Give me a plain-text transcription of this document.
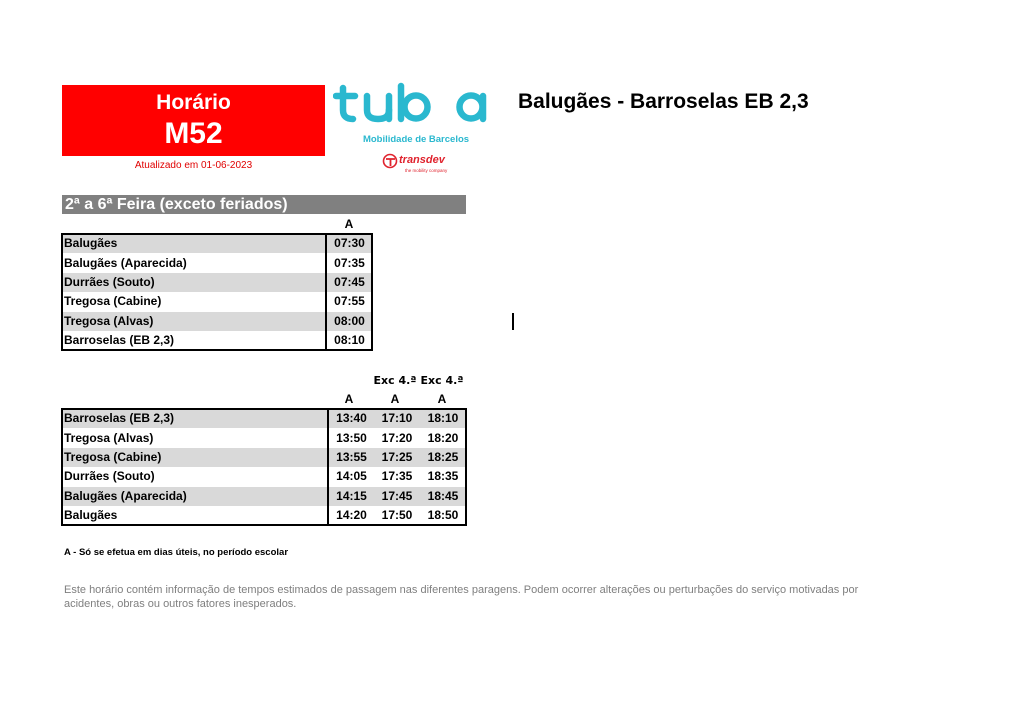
Horário
M52
Atualizado em 01-06-2023
Mobilidade de Barcelos
transdev
the mobility company
Balugães - Barroselas EB 2,3
2ª a 6ª Feira (exceto feriados)
A
Balugães	07:30
Balugães (Aparecida)	07:35
Durrães (Souto)	07:45
Tregosa (Cabine)	07:55
Tregosa (Alvas)	08:00
Barroselas (EB 2,3)	08:10
Exc 4.ª Exc 4.ª
A	A	A
Barroselas (EB 2,3)	13:40	17:10	18:10
Tregosa (Alvas)	13:50	17:20	18:20
Tregosa (Cabine)	13:55	17:25	18:25
Durrães (Souto)	14:05	17:35	18:35
Balugães (Aparecida)	14:15	17:45	18:45
Balugães	14:20	17:50	18:50
A - Só se efetua em dias úteis, no período escolar
Este horário contém informação de tempos estimados de passagem nas diferentes paragens. Podem ocorrer alterações ou perturbações do serviço motivadas por acidentes, obras ou outros fatores inesperados.
